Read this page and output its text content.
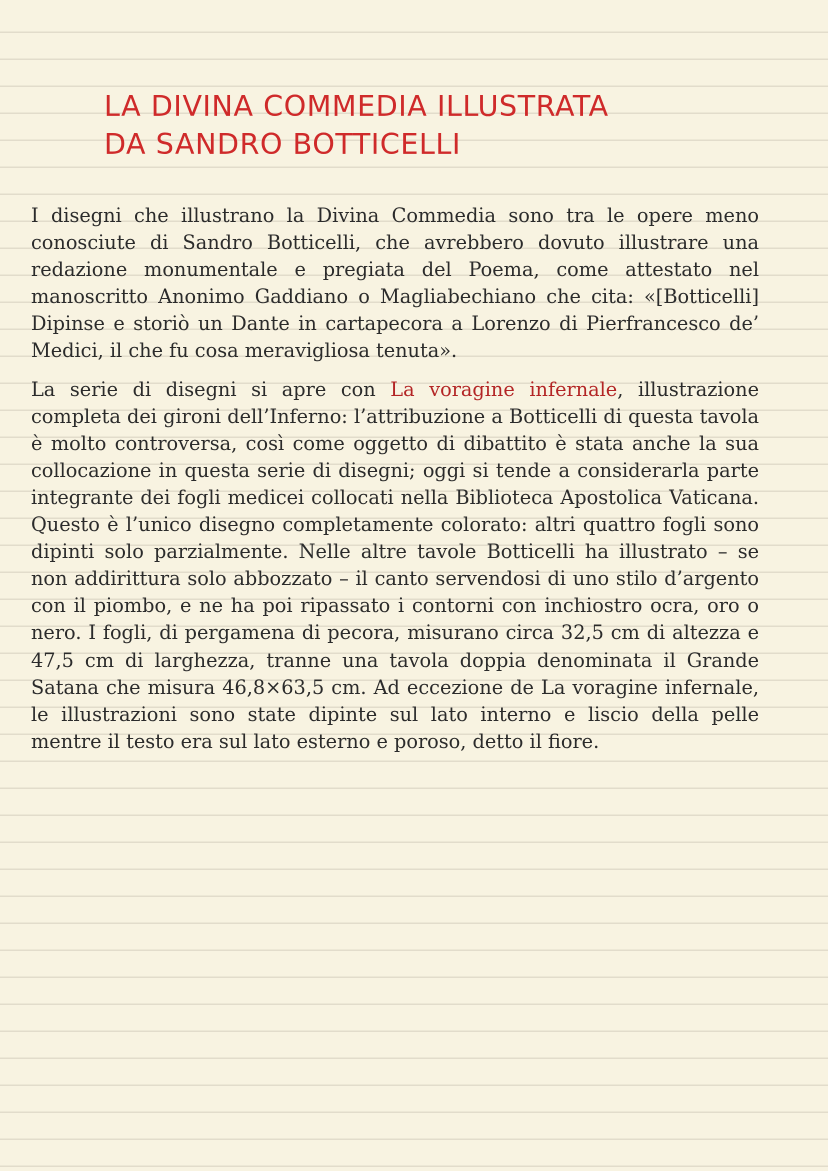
LA DIVINA COMMEDIA ILLUSTRATA
DA SANDRO BOTTICELLI

I disegni che illustrano la Divina Commedia sono tra le opere meno conosciute di Sandro Botticelli, che avrebbero dovuto illustrare una redazione monumentale e pregiata del Poema, come attestato nel manoscritto Anonimo Gaddiano o Magliabechiano che cita: «[Botticelli] Dipinse e storiò un Dante in cartapecora a Lorenzo di Pierfrancesco de’ Medici, il che fu cosa meravigliosa tenuta».

La serie di disegni si apre con La voragine infernale, illustrazione completa dei gironi dell’Inferno: l’attribuzione a Botticelli di questa tavola è molto controversa, così come oggetto di dibattito è stata anche la sua collocazione in questa serie di disegni; oggi si tende a considerarla parte integrante dei fogli medicei collocati nella Biblioteca Apostolica Vaticana. Questo è l’unico disegno completamente colorato: altri quattro fogli sono dipinti solo parzialmente. Nelle altre tavole Botticelli ha illustrato – se non addirittura solo abbozzato – il canto servendosi di uno stilo d’argento con il piombo, e ne ha poi ripassato i contorni con inchiostro ocra, oro o nero. I fogli, di pergamena di pecora, misurano circa 32,5 cm di altezza e 47,5 cm di larghezza, tranne una tavola doppia denominata il Grande Satana che misura 46,8×63,5 cm. Ad eccezione de La voragine infernale, le illustrazioni sono state dipinte sul lato interno e liscio della pelle mentre il testo era sul lato esterno e poroso, detto il fiore.
